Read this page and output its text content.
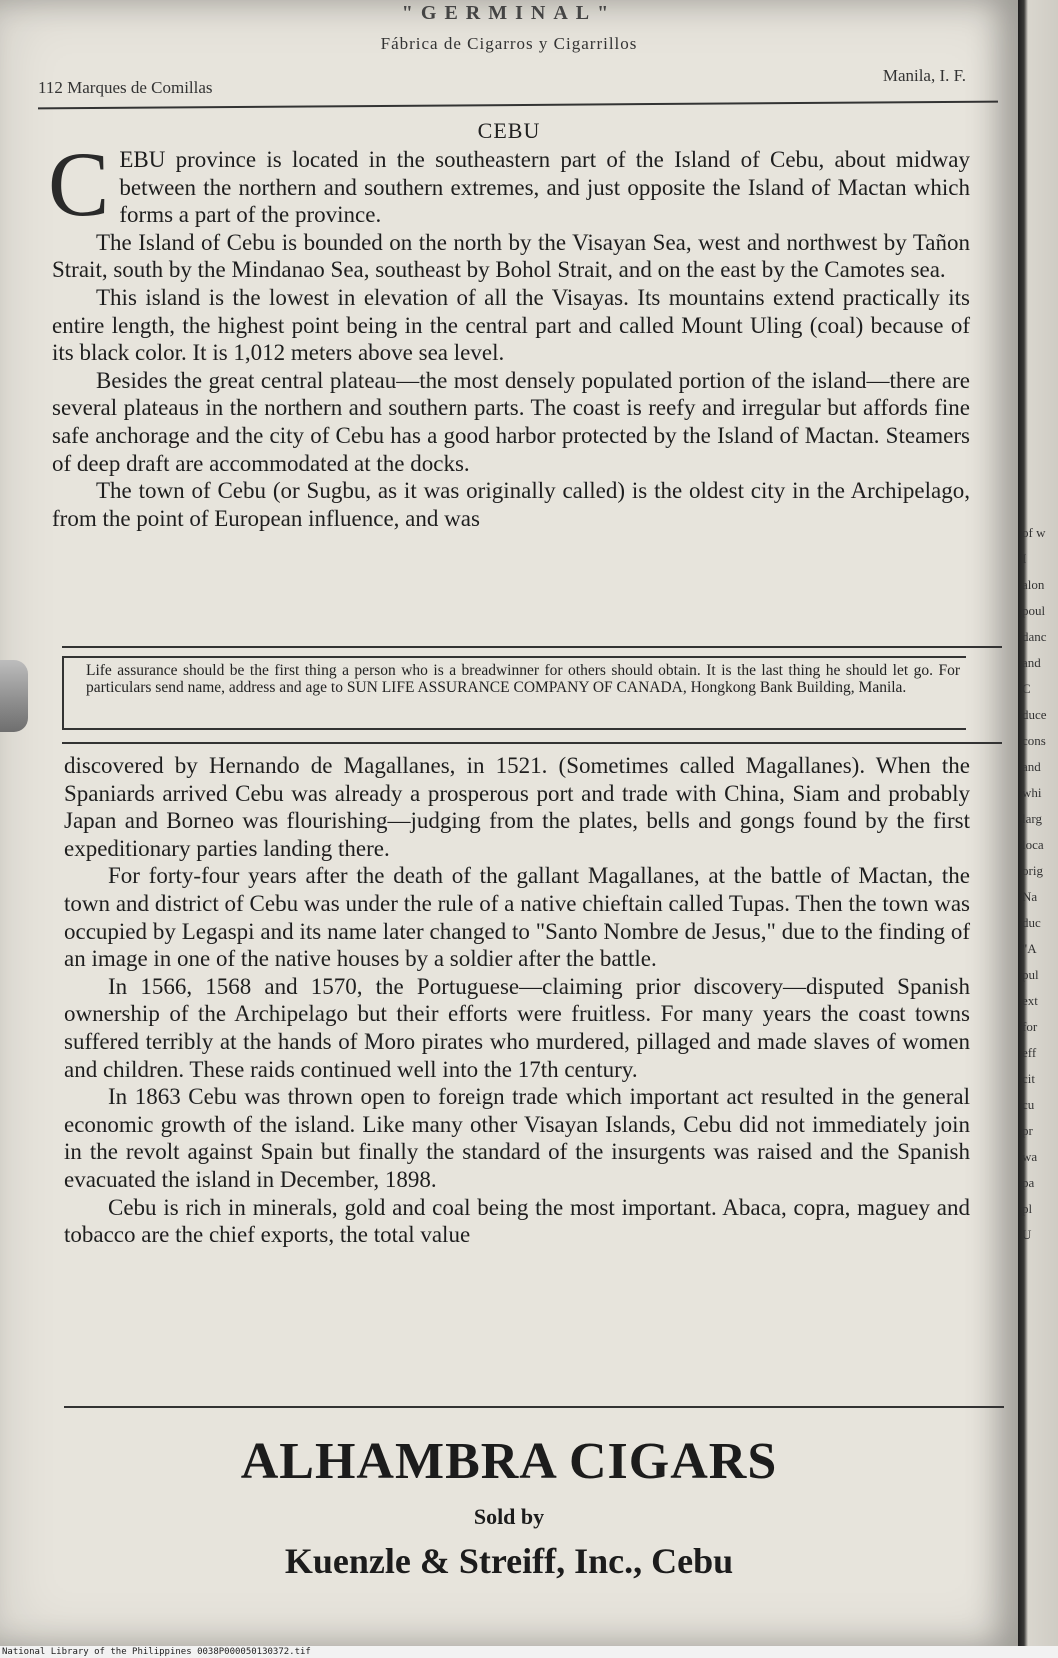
"GERMINAL"
Fábrica de Cigarros y Cigarrillos
112 Marques de Comillas
Manila, I. F.
CEBU

CEBU province is located in the southeastern part of the Island of Cebu, about midway between the northern and southern extremes, and just opposite the Island of Mactan which forms a part of the province.

The Island of Cebu is bounded on the north by the Visayan Sea, west and northwest by Tañon Strait, south by the Mindanao Sea, southeast by Bohol Strait, and on the east by the Camotes sea.

This island is the lowest in elevation of all the Visayas. Its mountains extend practically its entire length, the highest point being in the central part and called Mount Uling (coal) because of its black color. It is 1,012 meters above sea level.

Besides the great central plateau—the most densely populated portion of the island—there are several plateaus in the northern and southern parts. The coast is reefy and irregular but affords fine safe anchorage and the city of Cebu has a good harbor protected by the Island of Mactan. Steamers of deep draft are accommodated at the docks.

The town of Cebu (or Sugbu, as it was originally called) is the oldest city in the Archipelago, from the point of European influence, and was

Life assurance should be the first thing a person who is a breadwinner for others should obtain. It is the last thing he should let go. For particulars send name, address and age to SUN LIFE ASSURANCE COMPANY OF CANADA, Hongkong Bank Building, Manila.

discovered by Hernando de Magallanes, in 1521. (Sometimes called Magallanes). When the Spaniards arrived Cebu was already a prosperous port and trade with China, Siam and probably Japan and Borneo was flourishing—judging from the plates, bells and gongs found by the first expeditionary parties landing there.

For forty-four years after the death of the gallant Magallanes, at the battle of Mactan, the town and district of Cebu was under the rule of a native chieftain called Tupas. Then the town was occupied by Legaspi and its name later changed to "Santo Nombre de Jesus," due to the finding of an image in one of the native houses by a soldier after the battle.

In 1566, 1568 and 1570, the Portuguese—claiming prior discovery—disputed Spanish ownership of the Archipelago but their efforts were fruitless. For many years the coast towns suffered terribly at the hands of Moro pirates who murdered, pillaged and made slaves of women and children. These raids continued well into the 17th century.

In 1863 Cebu was thrown open to foreign trade which important act resulted in the general economic growth of the island. Like many other Visayan Islands, Cebu did not immediately join in the revolt against Spain but finally the standard of the insurgents was raised and the Spanish evacuated the island in December, 1898.

Cebu is rich in minerals, gold and coal being the most important. Abaca, copra, maguey and tobacco are the chief exports, the total value

ALHAMBRA CIGARS
Sold by
Kuenzle & Streiff, Inc., Cebu
of w
I
alon
poul
danc
and
C
duce
cons
and
whi
larg
loca
orig
Na
duc
"A
pul
ext
for
eff
cit
cu
pr
wa
pa
pl
U
National Library of the Philippines 0038P000050130372.tif
